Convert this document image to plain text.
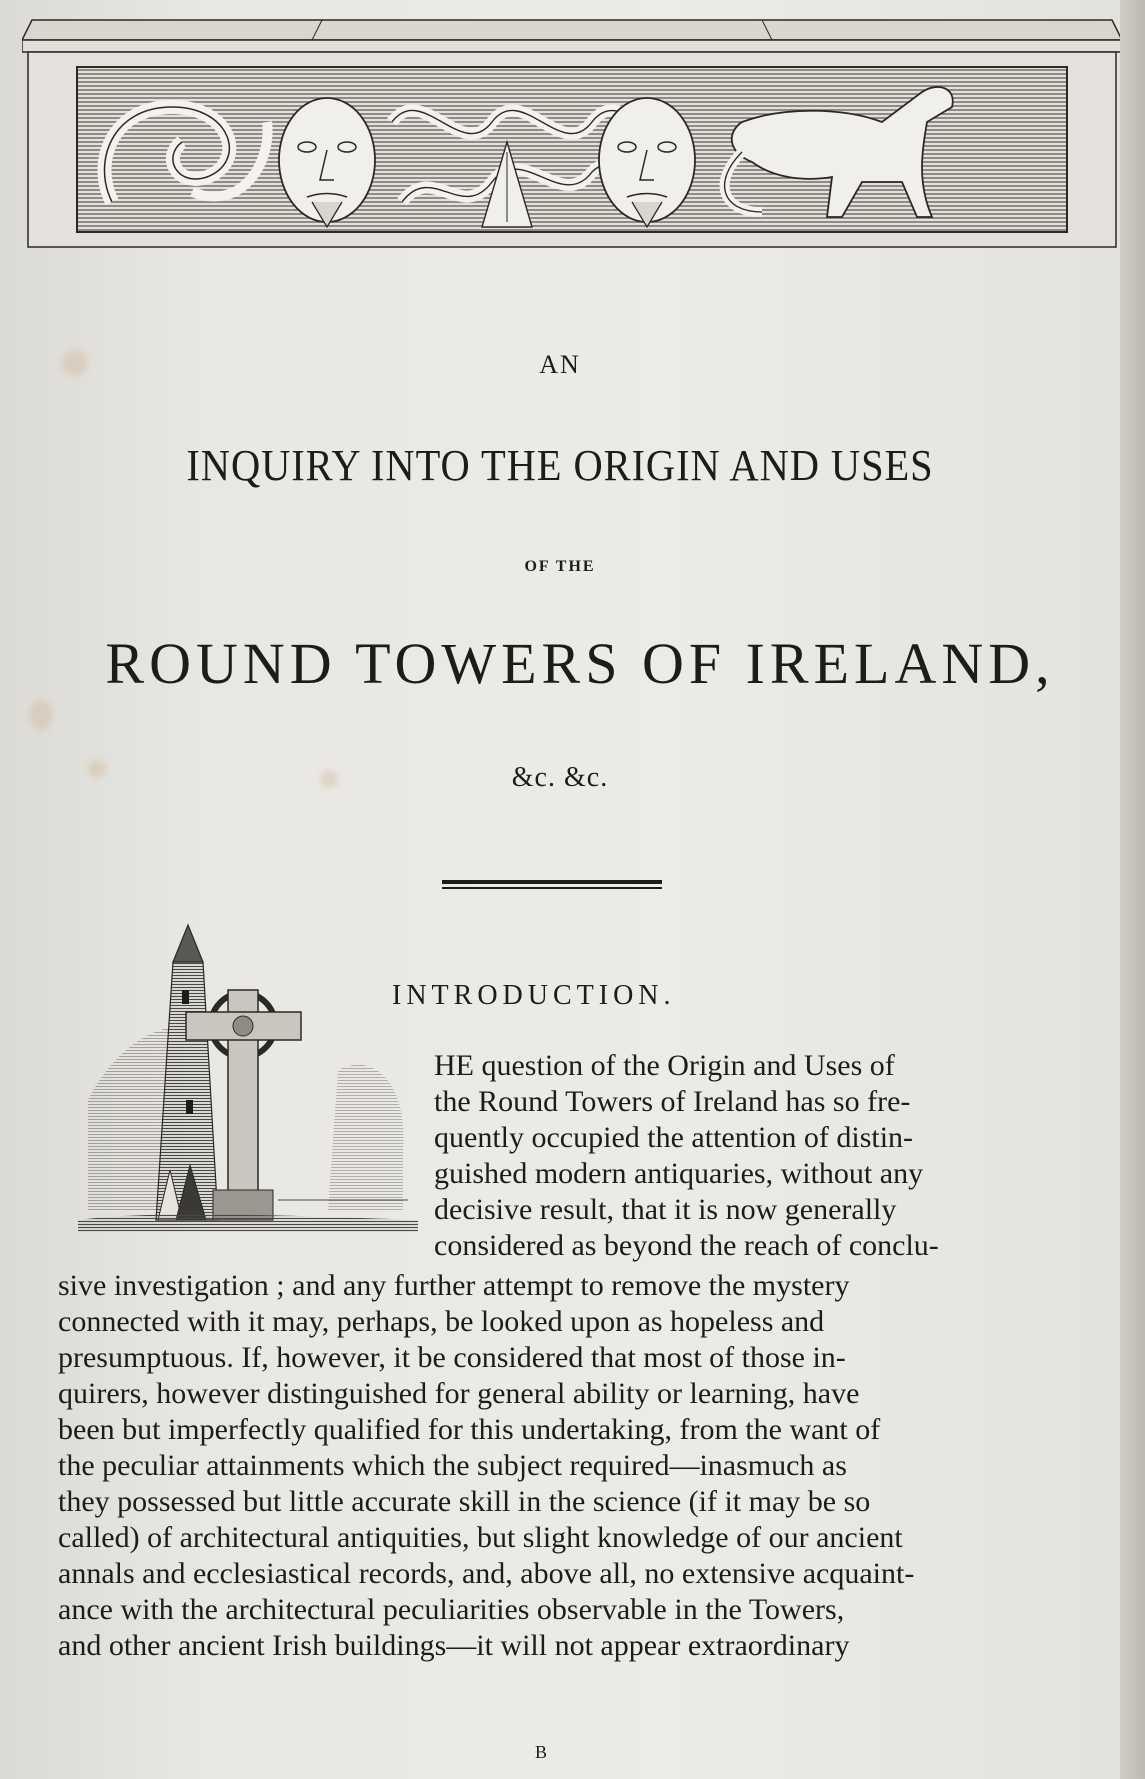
AN
INQUIRY INTO THE ORIGIN AND USES
OF THE
ROUND TOWERS OF IRELAND,
&c. &c.
INTRODUCTION.
HE question of the Origin and Uses of
the Round Towers of Ireland has so fre-
quently occupied the attention of distin-
guished modern antiquaries, without any
decisive result, that it is now generally
considered as beyond the reach of conclu-
sive investigation ; and any further attempt to remove the mystery
connected with it may, perhaps, be looked upon as hopeless and
presumptuous. If, however, it be considered that most of those in-
quirers, however distinguished for general ability or learning, have
been but imperfectly qualified for this undertaking, from the want of
the peculiar attainments which the subject required—inasmuch as
they possessed but little accurate skill in the science (if it may be so
called) of architectural antiquities, but slight knowledge of our ancient
annals and ecclesiastical records, and, above all, no extensive acquaint-
ance with the architectural peculiarities observable in the Towers,
and other ancient Irish buildings—it will not appear extraordinary
B
